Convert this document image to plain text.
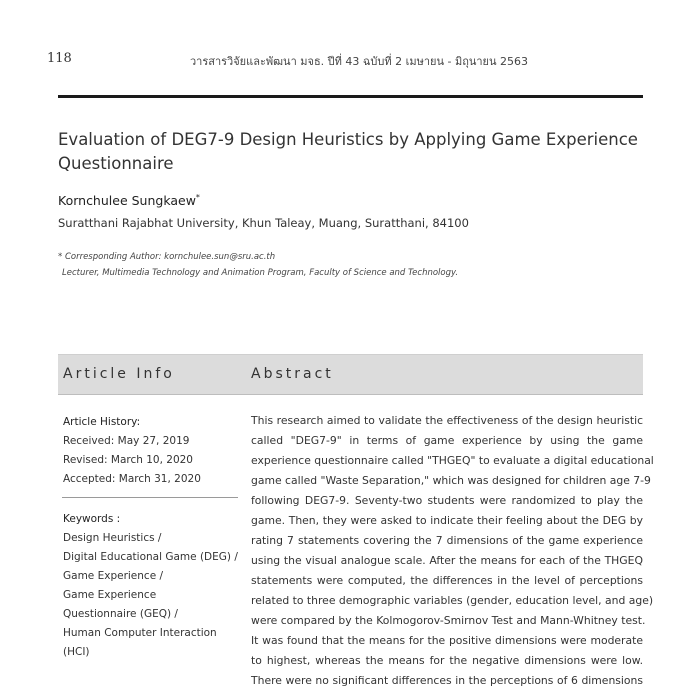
118	วารสารวิจัยและพัฒนา มจธ. ปีที่ 43 ฉบับที่ 2 เมษายน - มิถุนายน 2563
Evaluation of DEG7-9 Design Heuristics by Applying Game Experience Questionnaire
Kornchulee Sungkaew*
Suratthani Rajabhat University, Khun Taleay, Muang, Suratthani, 84100
* Corresponding Author: kornchulee.sun@sru.ac.th
Lecturer, Multimedia Technology and Animation Program, Faculty of Science and Technology.
Article Info	Abstract
Article History:
Received: May 27, 2019
Revised: March 10, 2020
Accepted: March 31, 2020
Keywords :
Design Heuristics /
Digital Educational Game (DEG) /
Game Experience /
Game Experience
Questionnaire (GEQ) /
Human Computer Interaction
(HCI)
This research aimed to validate the effectiveness of the design heuristic
called "DEG7-9" in terms of game experience by using the game
experience questionnaire called "THGEQ" to evaluate a digital educational
game called "Waste Separation," which was designed for children age 7-9
following DEG7-9. Seventy-two students were randomized to play the
game. Then, they were asked to indicate their feeling about the DEG by
rating 7 statements covering the 7 dimensions of the game experience
using the visual analogue scale. After the means for each of the THGEQ
statements were computed, the differences in the level of perceptions
related to three demographic variables (gender, education level, and age)
were compared by the Kolmogorov-Smirnov Test and Mann-Whitney test.
It was found that the means for the positive dimensions were moderate
to highest, whereas the means for the negative dimensions were low.
There were no significant differences in the perceptions of 6 dimensions
